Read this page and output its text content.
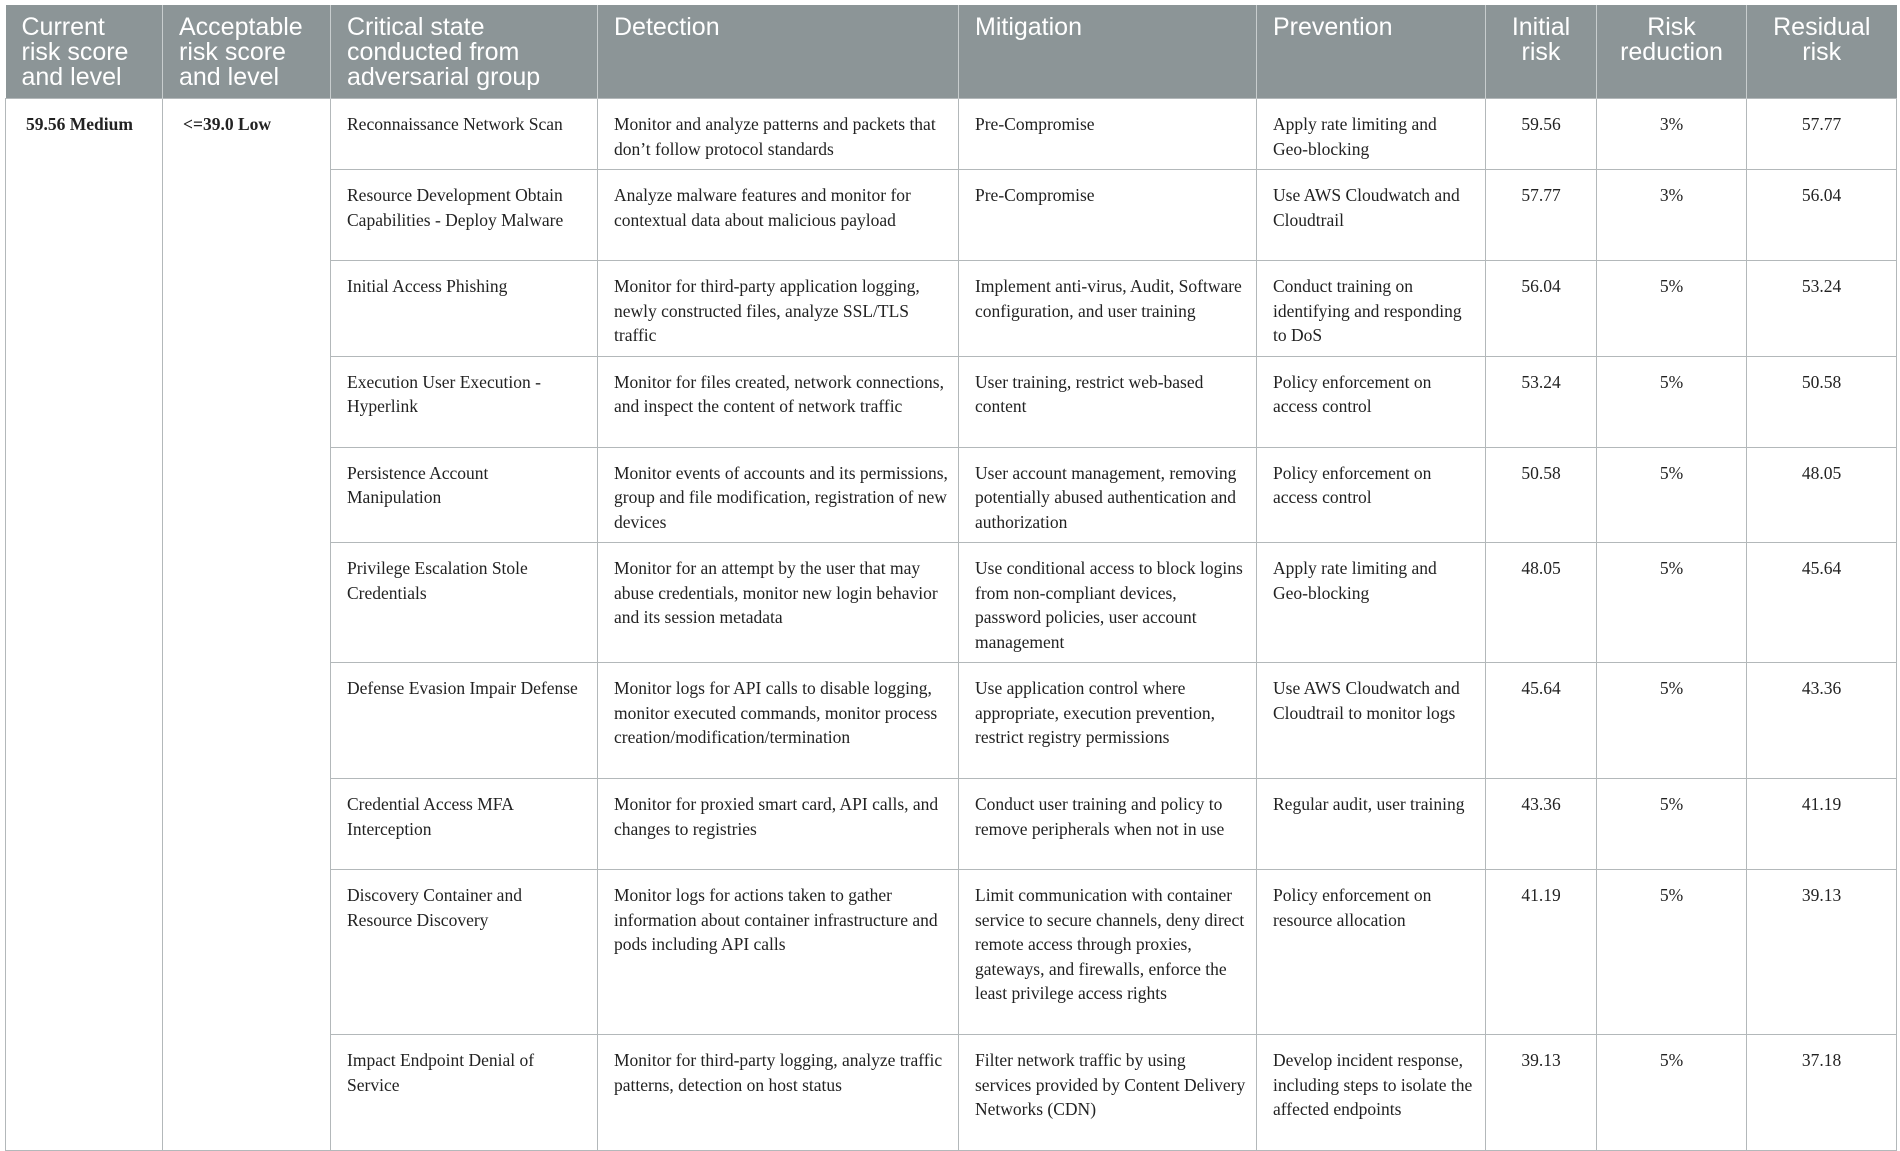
Current risk score and level	Acceptable risk score and level	Critical state conducted from adversarial group	Detection	Mitigation	Prevention	Initial risk	Risk reduction	Residual risk
59.56 Medium	<=39.0 Low	Reconnaissance Network Scan	Monitor and analyze patterns and packets that don’t follow protocol standards	Pre-Compromise	Apply rate limiting and Geo-blocking	59.56	3%	57.77
		Resource Development Obtain Capabilities - Deploy Malware	Analyze malware features and monitor for contextual data about malicious payload	Pre-Compromise	Use AWS Cloudwatch and Cloudtrail	57.77	3%	56.04
		Initial Access Phishing	Monitor for third-party application logging, newly constructed files, analyze SSL/TLS traffic	Implement anti-virus, Audit, Software configuration, and user training	Conduct training on identifying and responding to DoS	56.04	5%	53.24
		Execution User Execution - Hyperlink	Monitor for files created, network connections, and inspect the content of network traffic	User training, restrict web-based content	Policy enforcement on access control	53.24	5%	50.58
		Persistence Account Manipulation	Monitor events of accounts and its permissions, group and file modification, registration of new devices	User account management, removing potentially abused authentication and authorization	Policy enforcement on access control	50.58	5%	48.05
		Privilege Escalation Stole Credentials	Monitor for an attempt by the user that may abuse credentials, monitor new login behavior and its session metadata	Use conditional access to block logins from non-compliant devices, password policies, user account management	Apply rate limiting and Geo-blocking	48.05	5%	45.64
		Defense Evasion Impair Defense	Monitor logs for API calls to disable logging, monitor executed commands, monitor process creation/modification/termination	Use application control where appropriate, execution prevention, restrict registry permissions	Use AWS Cloudwatch and Cloudtrail to monitor logs	45.64	5%	43.36
		Credential Access MFA Interception	Monitor for proxied smart card, API calls, and changes to registries	Conduct user training and policy to remove peripherals when not in use	Regular audit, user training	43.36	5%	41.19
		Discovery Container and Resource Discovery	Monitor logs for actions taken to gather information about container infrastructure and pods including API calls	Limit communication with container service to secure channels, deny direct remote access through proxies, gateways, and firewalls, enforce the least privilege access rights	Policy enforcement on resource allocation	41.19	5%	39.13
		Impact Endpoint Denial of Service	Monitor for third-party logging, analyze traffic patterns, detection on host status	Filter network traffic by using services provided by Content Delivery Networks (CDN)	Develop incident response, including steps to isolate the affected endpoints	39.13	5%	37.18
